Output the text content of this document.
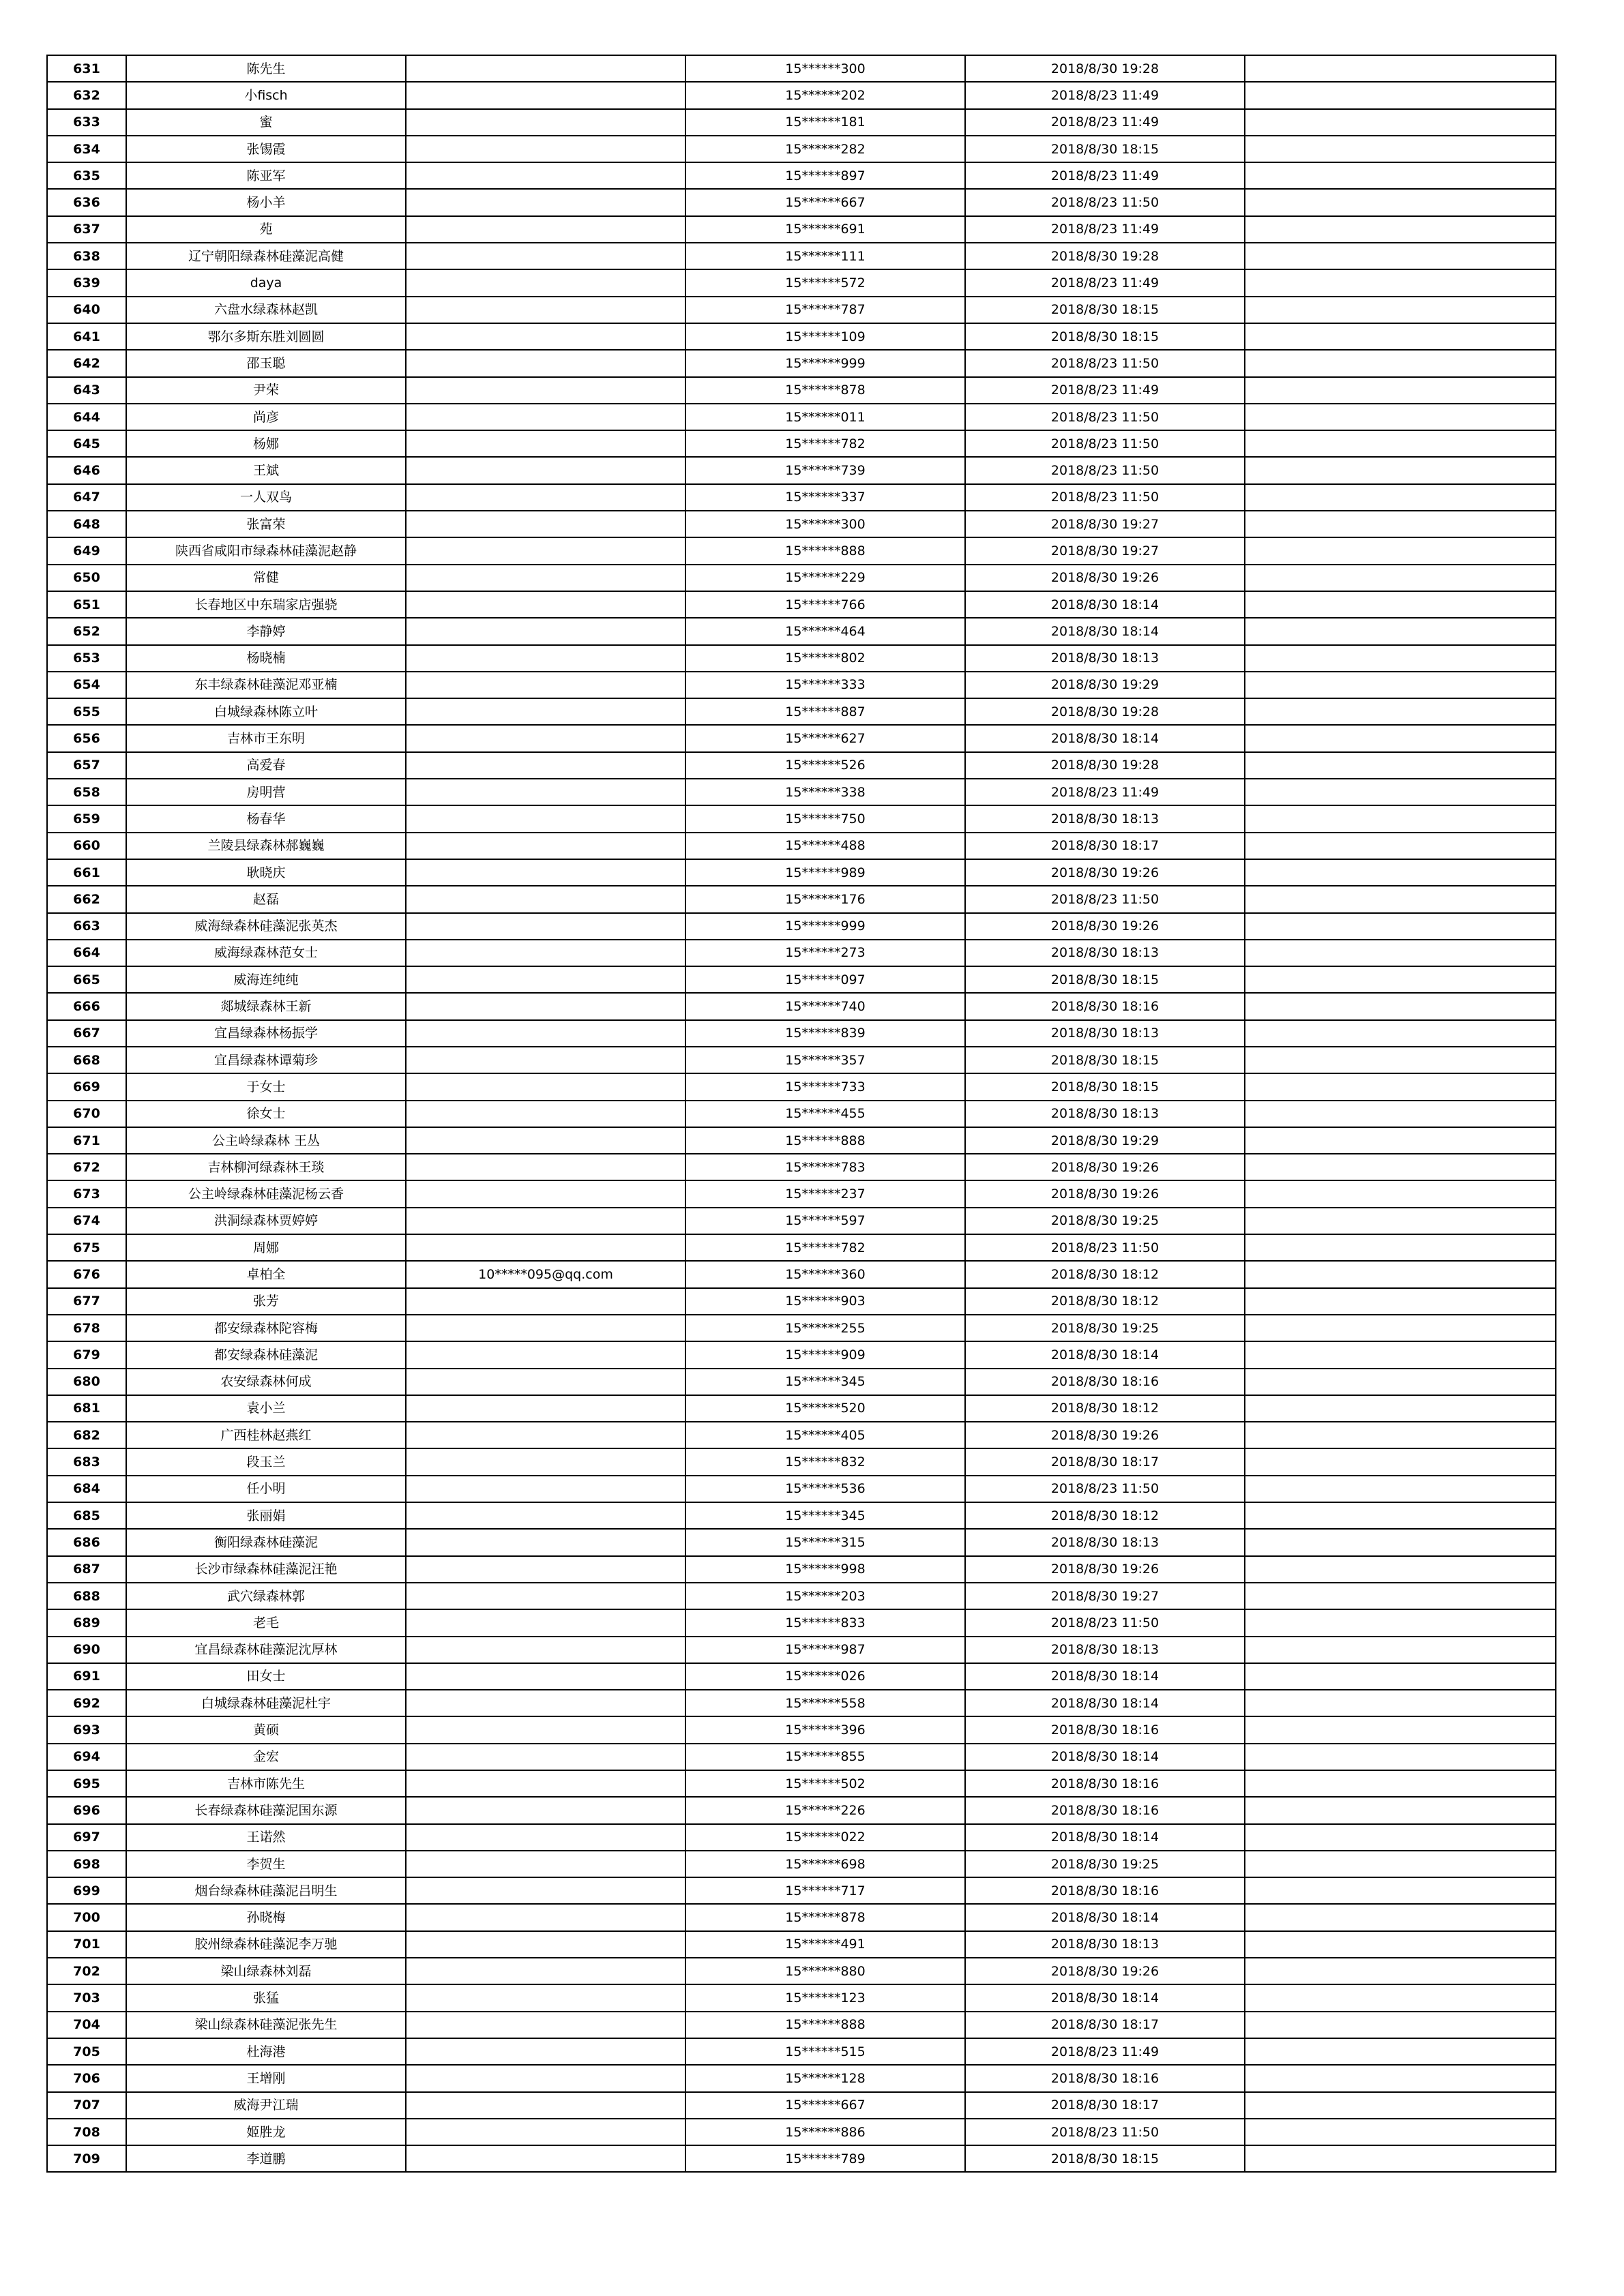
631	陈先生		15******300	2018/8/30 19:28	
632	小fisch		15******202	2018/8/23 11:49	
633	蜜		15******181	2018/8/23 11:49	
634	张锡霞		15******282	2018/8/30 18:15	
635	陈亚军		15******897	2018/8/23 11:49	
636	杨小羊		15******667	2018/8/23 11:50	
637	苑		15******691	2018/8/23 11:49	
638	辽宁朝阳绿森林硅藻泥高健		15******111	2018/8/30 19:28	
639	daya		15******572	2018/8/23 11:49	
640	六盘水绿森林赵凯		15******787	2018/8/30 18:15	
641	鄂尔多斯东胜刘圆圆		15******109	2018/8/30 18:15	
642	邵玉聪		15******999	2018/8/23 11:50	
643	尹荣		15******878	2018/8/23 11:49	
644	尚彦		15******011	2018/8/23 11:50	
645	杨娜		15******782	2018/8/23 11:50	
646	王斌		15******739	2018/8/23 11:50	
647	一人双鸟		15******337	2018/8/23 11:50	
648	张富荣		15******300	2018/8/30 19:27	
649	陕西省咸阳市绿森林硅藻泥赵静		15******888	2018/8/30 19:27	
650	常健		15******229	2018/8/30 19:26	
651	长春地区中东瑞家店强骁		15******766	2018/8/30 18:14	
652	李静婷		15******464	2018/8/30 18:14	
653	杨晓楠		15******802	2018/8/30 18:13	
654	东丰绿森林硅藻泥邓亚楠		15******333	2018/8/30 19:29	
655	白城绿森林陈立叶		15******887	2018/8/30 19:28	
656	吉林市王东明		15******627	2018/8/30 18:14	
657	高爱春		15******526	2018/8/30 19:28	
658	房明营		15******338	2018/8/23 11:49	
659	杨春华		15******750	2018/8/30 18:13	
660	兰陵县绿森林郝巍巍		15******488	2018/8/30 18:17	
661	耿晓庆		15******989	2018/8/30 19:26	
662	赵磊		15******176	2018/8/23 11:50	
663	威海绿森林硅藻泥张英杰		15******999	2018/8/30 19:26	
664	威海绿森林范女士		15******273	2018/8/30 18:13	
665	威海连纯纯		15******097	2018/8/30 18:15	
666	郯城绿森林王新		15******740	2018/8/30 18:16	
667	宜昌绿森林杨振学		15******839	2018/8/30 18:13	
668	宜昌绿森林谭菊珍		15******357	2018/8/30 18:15	
669	于女士		15******733	2018/8/30 18:15	
670	徐女士		15******455	2018/8/30 18:13	
671	公主岭绿森林 王丛		15******888	2018/8/30 19:29	
672	吉林柳河绿森林王琰		15******783	2018/8/30 19:26	
673	公主岭绿森林硅藻泥杨云香		15******237	2018/8/30 19:26	
674	洪洞绿森林贾婷婷		15******597	2018/8/30 19:25	
675	周娜		15******782	2018/8/23 11:50	
676	卓柏全	10*****095@qq.com	15******360	2018/8/30 18:12	
677	张芳		15******903	2018/8/30 18:12	
678	都安绿森林陀容梅		15******255	2018/8/30 19:25	
679	都安绿森林硅藻泥		15******909	2018/8/30 18:14	
680	农安绿森林何成		15******345	2018/8/30 18:16	
681	袁小兰		15******520	2018/8/30 18:12	
682	广西桂林赵燕红		15******405	2018/8/30 19:26	
683	段玉兰		15******832	2018/8/30 18:17	
684	任小明		15******536	2018/8/23 11:50	
685	张丽娟		15******345	2018/8/30 18:12	
686	衡阳绿森林硅藻泥		15******315	2018/8/30 18:13	
687	长沙市绿森林硅藻泥汪艳		15******998	2018/8/30 19:26	
688	武穴绿森林郭		15******203	2018/8/30 19:27	
689	老毛		15******833	2018/8/23 11:50	
690	宜昌绿森林硅藻泥沈厚林		15******987	2018/8/30 18:13	
691	田女士		15******026	2018/8/30 18:14	
692	白城绿森林硅藻泥杜宇		15******558	2018/8/30 18:14	
693	黄硕		15******396	2018/8/30 18:16	
694	金宏		15******855	2018/8/30 18:14	
695	吉林市陈先生		15******502	2018/8/30 18:16	
696	长春绿森林硅藻泥国东源		15******226	2018/8/30 18:16	
697	王诺然		15******022	2018/8/30 18:14	
698	李贺生		15******698	2018/8/30 19:25	
699	烟台绿森林硅藻泥吕明生		15******717	2018/8/30 18:16	
700	孙晓梅		15******878	2018/8/30 18:14	
701	胶州绿森林硅藻泥李万驰		15******491	2018/8/30 18:13	
702	梁山绿森林刘磊		15******880	2018/8/30 19:26	
703	张猛		15******123	2018/8/30 18:14	
704	梁山绿森林硅藻泥张先生		15******888	2018/8/30 18:17	
705	杜海港		15******515	2018/8/23 11:49	
706	王增刚		15******128	2018/8/30 18:16	
707	威海尹江瑞		15******667	2018/8/30 18:17	
708	姬胜龙		15******886	2018/8/23 11:50	
709	李道鹏		15******789	2018/8/30 18:15	
